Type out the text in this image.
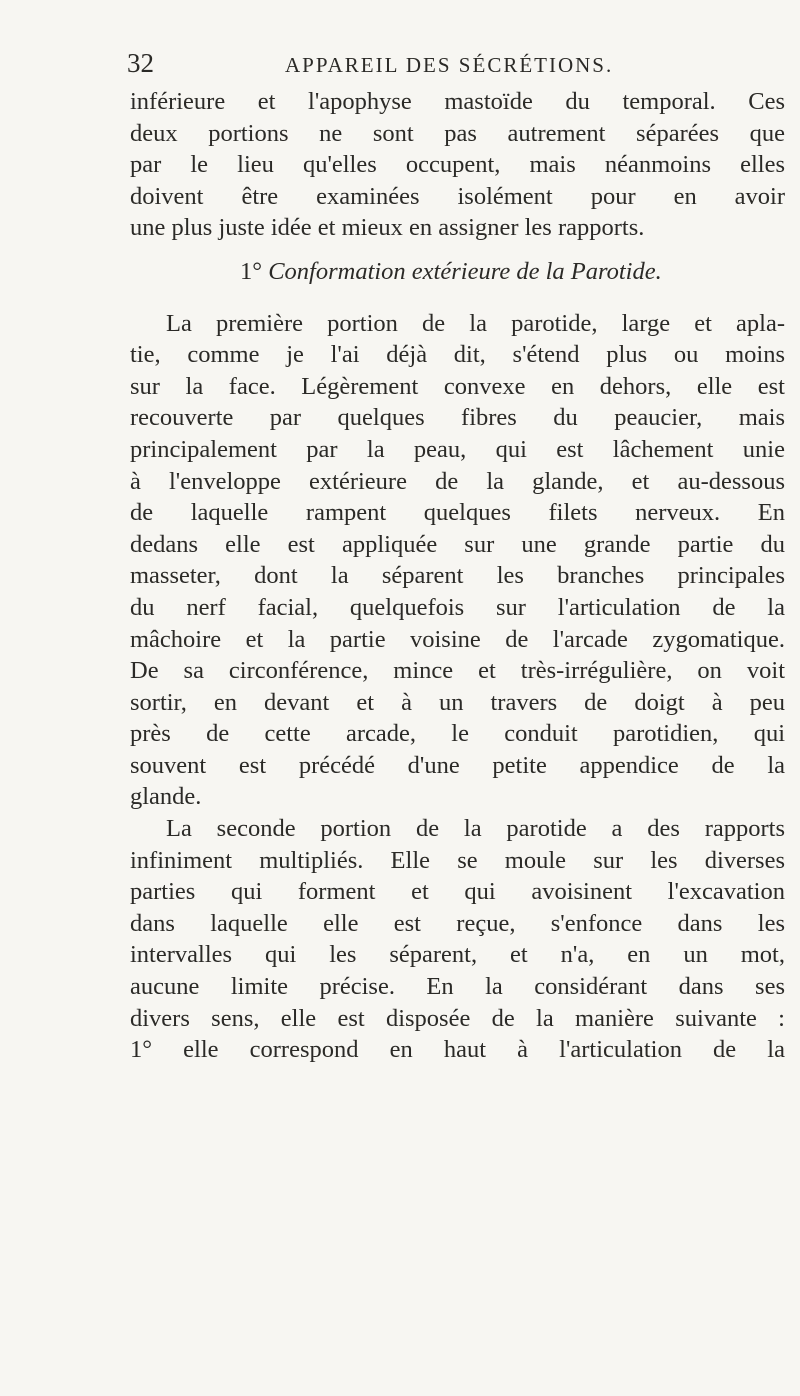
32	APPAREIL DES SÉCRÉTIONS.
inférieure et l'apophyse mastoïde du temporal. Ces
deux portions ne sont pas autrement séparées que
par le lieu qu'elles occupent, mais néanmoins elles
doivent être examinées isolément pour en avoir
une plus juste idée et mieux en assigner les rapports.
1° Conformation extérieure de la Parotide.
La première portion de la parotide, large et apla-
tie, comme je l'ai déjà dit, s'étend plus ou moins
sur la face. Légèrement convexe en dehors, elle est
recouverte par quelques fibres du peaucier, mais
principalement par la peau, qui est lâchement unie
à l'enveloppe extérieure de la glande, et au-dessous
de laquelle rampent quelques filets nerveux. En
dedans elle est appliquée sur une grande partie du
masseter, dont la séparent les branches principales
du nerf facial, quelquefois sur l'articulation de la
mâchoire et la partie voisine de l'arcade zygomatique.
De sa circonférence, mince et très-irrégulière, on voit
sortir, en devant et à un travers de doigt à peu
près de cette arcade, le conduit parotidien, qui
souvent est précédé d'une petite appendice de la
glande.
La seconde portion de la parotide a des rapports
infiniment multipliés. Elle se moule sur les diverses
parties qui forment et qui avoisinent l'excavation
dans laquelle elle est reçue, s'enfonce dans les
intervalles qui les séparent, et n'a, en un mot,
aucune limite précise. En la considérant dans ses
divers sens, elle est disposée de la manière suivante :
1° elle correspond en haut à l'articulation de la
